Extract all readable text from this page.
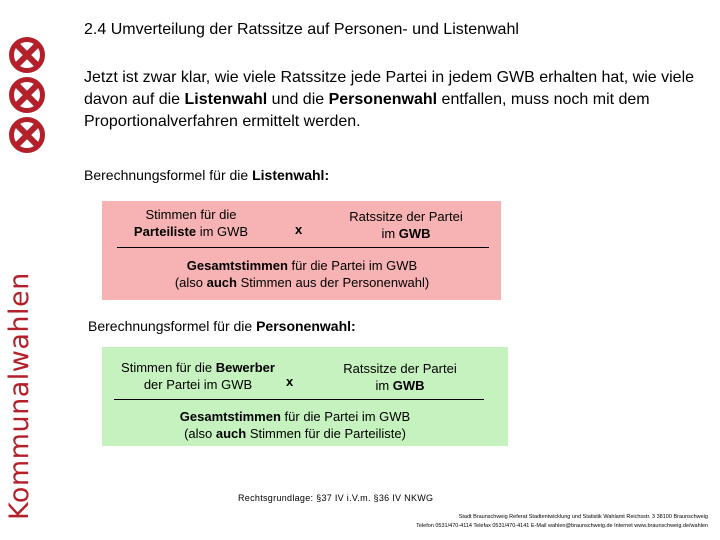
Kommunalwahlen
2.4 Umverteilung der Ratssitze auf Personen- und Listenwahl
Jetzt ist zwar klar, wie viele Ratssitze jede Partei in jedem GWB erhalten hat, wie viele davon auf die Listenwahl und die Personenwahl entfallen, muss noch mit dem Proportionalverfahren ermittelt werden.
Berechnungsformel für die Listenwahl:
Stimmen für die
Parteiliste im GWB	x
Ratssitze der Partei
im GWB
Gesamtstimmen für die Partei im GWB
(also auch Stimmen aus der Personenwahl)
Berechnungsformel für die Personenwahl:
Stimmen für die Bewerber
der Partei im GWB	x
Ratssitze der Partei
im GWB
Gesamtstimmen für die Partei im GWB
(also auch Stimmen für die Parteiliste)
Rechtsgrundlage: §37 IV i.V.m. §36 IV NKWG
Stadt Braunschweig Referat Stadtentwicklung und Statistik Wahlamt Reichsstr. 3 38100 Braunschweig
Telefon 0531/470-4114 Telefax 0531/470-4141 E-Mail wahlen@braunschweig.de Internet www.braunschweig.de/wahlen
